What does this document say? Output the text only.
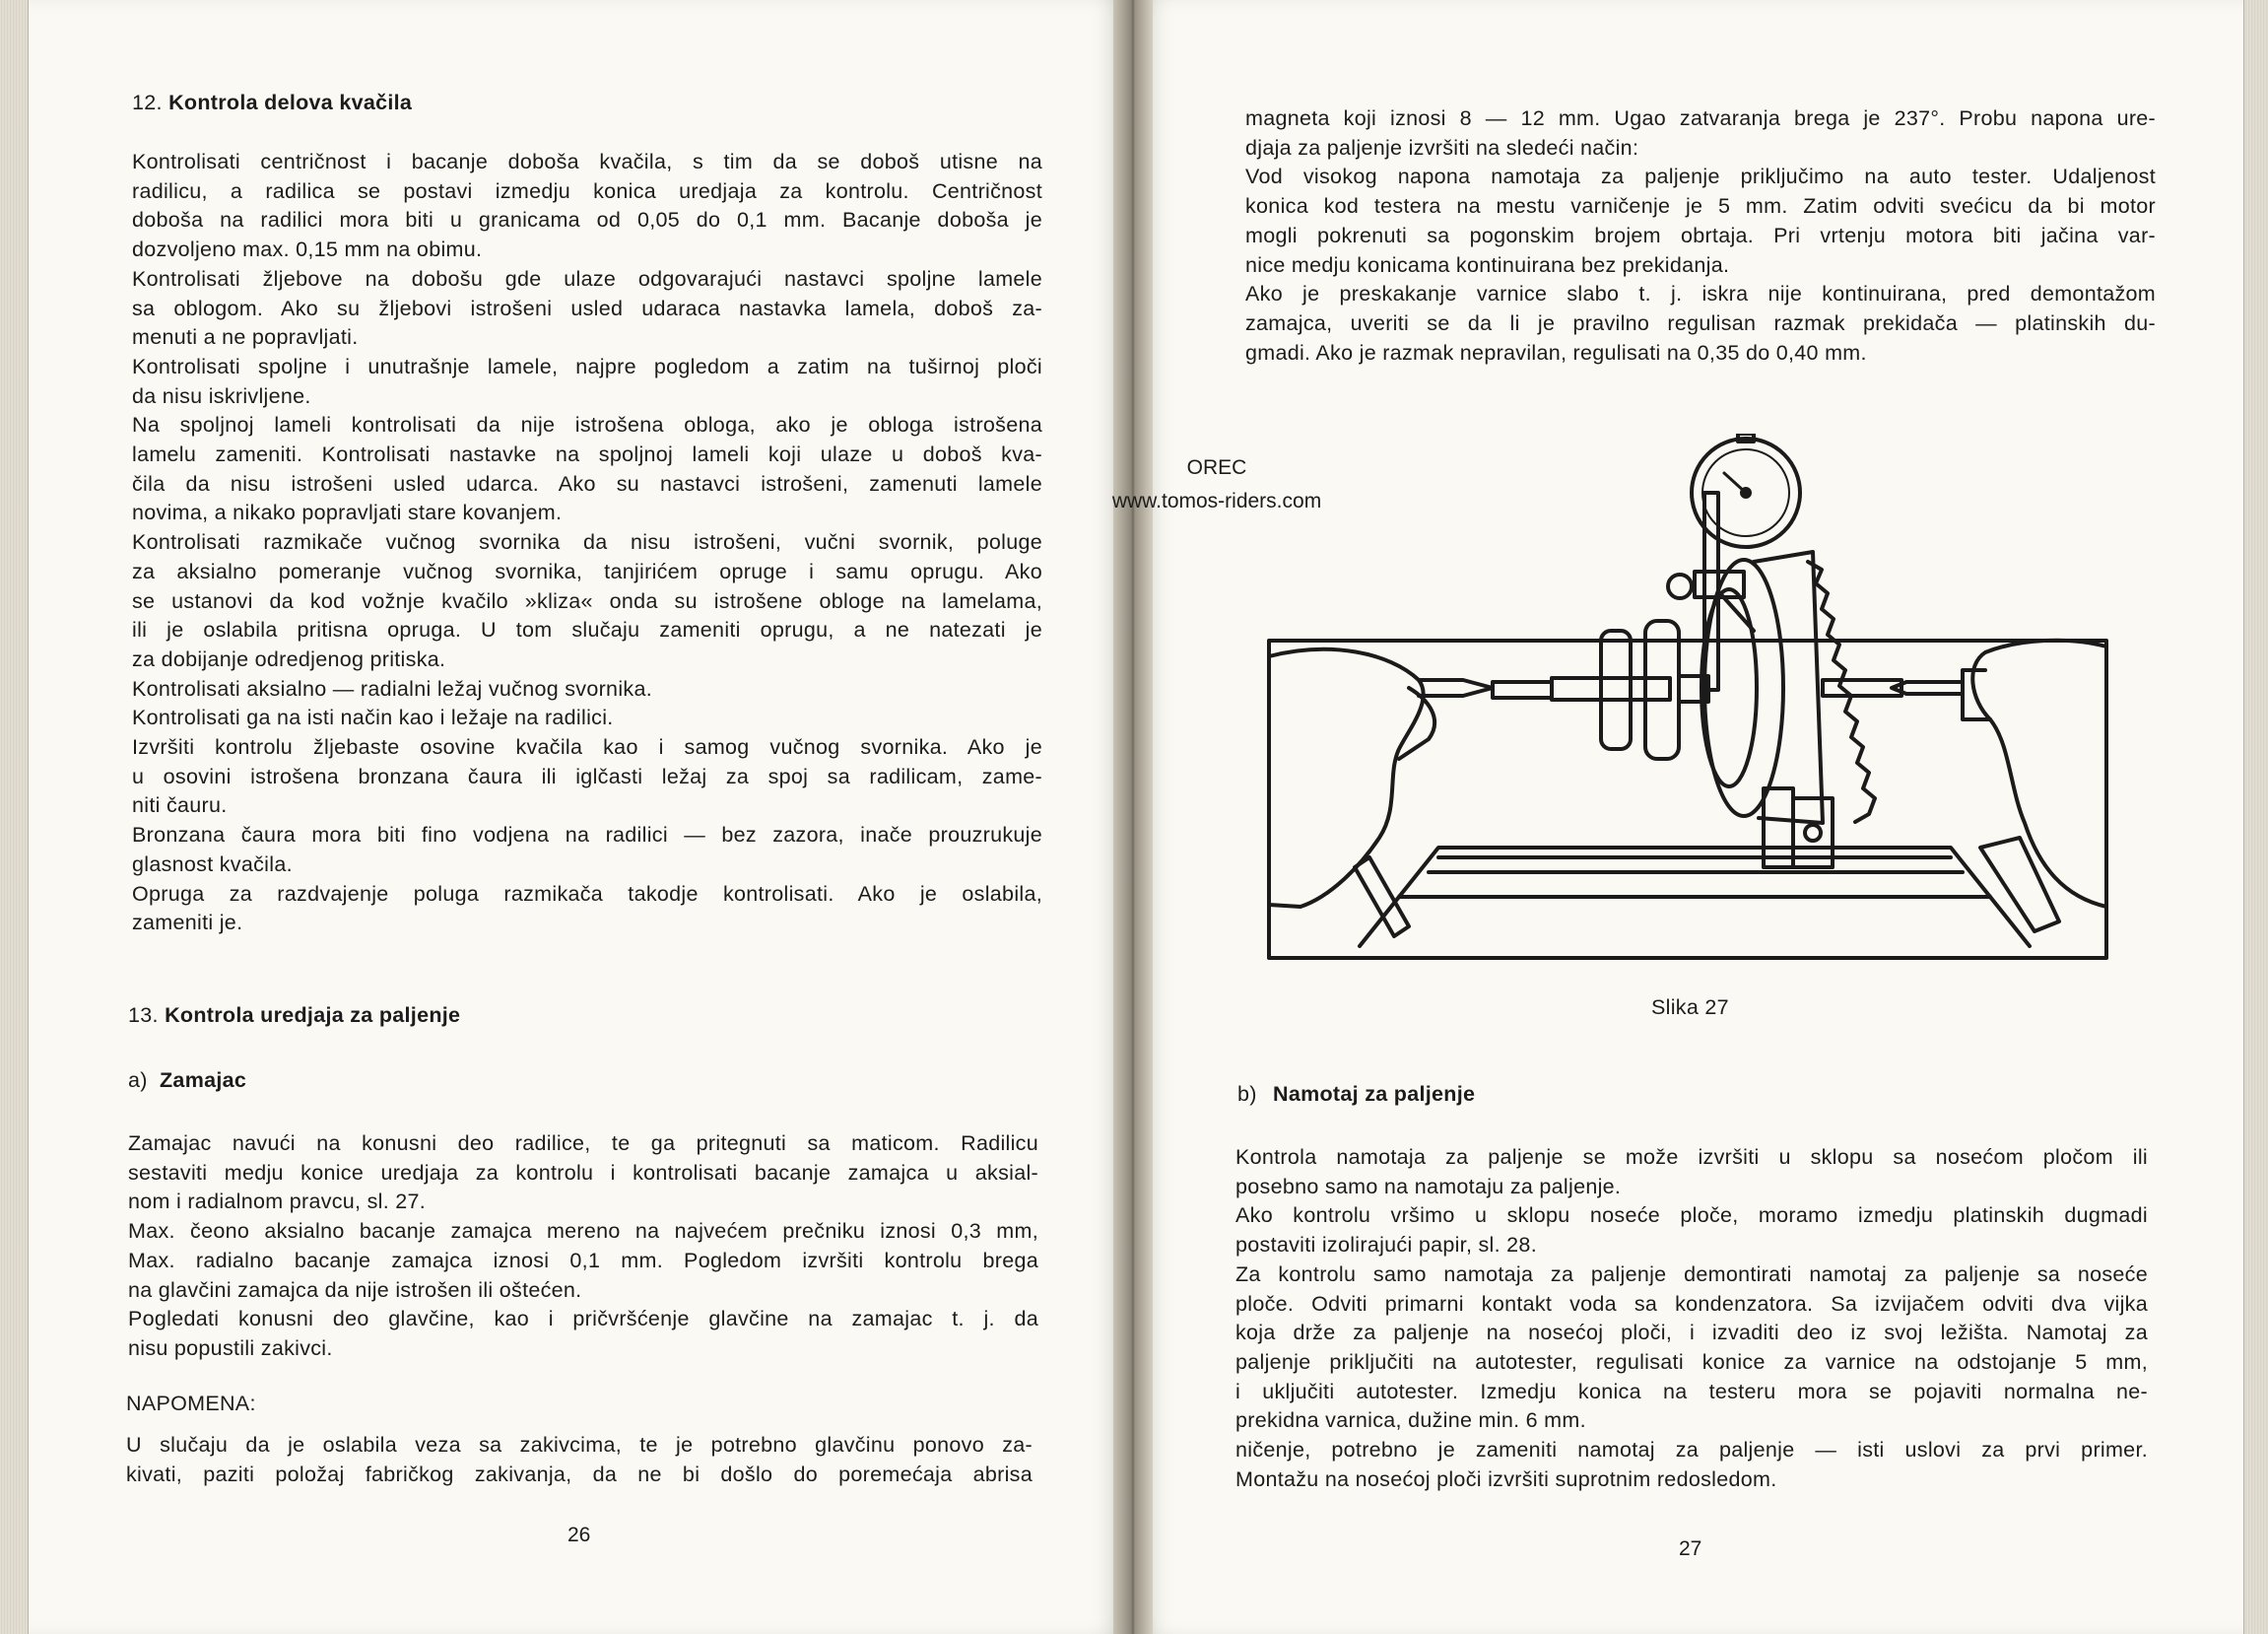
12. Kontrola delova kvačila
Kontrolisati centričnost i bacanje doboša kvačila, s tim da se doboš utisne na
radilicu, a radilica se postavi izmedju konica uredjaja za kontrolu. Centričnost
doboša na radilici mora biti u granicama od 0,05 do 0,1 mm. Bacanje doboša je
dozvoljeno max. 0,15 mm na obimu.
Kontrolisati žljebove na dobošu gde ulaze odgovarajući nastavci spoljne lamele
sa oblogom. Ako su žljebovi istrošeni usled udaraca nastavka lamela, doboš za-
menuti a ne popravljati.
Kontrolisati spoljne i unutrašnje lamele, najpre pogledom a zatim na tuširnoj ploči
da nisu iskrivljene.
Na spoljnoj lameli kontrolisati da nije istrošena obloga, ako je obloga istrošena
lamelu zameniti. Kontrolisati nastavke na spoljnoj lameli koji ulaze u doboš kva-
čila da nisu istrošeni usled udarca. Ako su nastavci istrošeni, zamenuti lamele
novima, a nikako popravljati stare kovanjem.
Kontrolisati razmikače vučnog svornika da nisu istrošeni, vučni svornik, poluge
za aksialno pomeranje vučnog svornika, tanjirićem opruge i samu oprugu. Ako
se ustanovi da kod vožnje kvačilo »kliza« onda su istrošene obloge na lamelama,
ili je oslabila pritisna opruga. U tom slučaju zameniti oprugu, a ne natezati je
za dobijanje odredjenog pritiska.
Kontrolisati aksialno — radialni ležaj vučnog svornika.
Kontrolisati ga na isti način kao i ležaje na radilici.
Izvršiti kontrolu žljebaste osovine kvačila kao i samog vučnog svornika. Ako je
u osovini istrošena bronzana čaura ili iglčasti ležaj za spoj sa radilicam, zame-
niti čauru.
Bronzana čaura mora biti fino vodjena na radilici — bez zazora, inače prouzrukuje
glasnost kvačila.
Opruga za razdvajenje poluga razmikača takodje kontrolisati. Ako je oslabila,
zameniti je.
13. Kontrola uredjaja za paljenje
a) Zamajac
Zamajac navući na konusni deo radilice, te ga pritegnuti sa maticom. Radilicu
sestaviti medju konice uredjaja za kontrolu i kontrolisati bacanje zamajca u aksial-
nom i radialnom pravcu, sl. 27.
Max. čeono aksialno bacanje zamajca mereno na najvećem prečniku iznosi 0,3 mm,
Max. radialno bacanje zamajca iznosi 0,1 mm. Pogledom izvršiti kontrolu brega
na glavčini zamajca da nije istrošen ili oštećen.
Pogledati konusni deo glavčine, kao i pričvršćenje glavčine na zamajac t. j. da
nisu popustili zakivci.
NAPOMENA:
U slučaju da je oslabila veza sa zakivcima, te je potrebno glavčinu ponovo za-
kivati, paziti položaj fabričkog zakivanja, da ne bi došlo do poremećaja abrisa
26
magneta koji iznosi 8 — 12 mm. Ugao zatvaranja brega je 237°. Probu napona ure-
djaja za paljenje izvršiti na sledeći način:
Vod visokog napona namotaja za paljenje priključimo na auto tester. Udaljenost
konica kod testera na mestu varničenje je 5 mm. Zatim odviti svećicu da bi motor
mogli pokrenuti sa pogonskim brojem obrtaja. Pri vrtenju motora biti jačina var-
nice medju konicama kontinuirana bez prekidanja.
Ako je preskakanje varnice slabo t. j. iskra nije kontinuirana, pred demontažom
zamajca, uveriti se da li je pravilno regulisan razmak prekidača — platinskih du-
gmadi. Ako je razmak nepravilan, regulisati na 0,35 do 0,40 mm.
OREC
www.tomos-riders.com
Slika 27
b) Namotaj za paljenje
Kontrola namotaja za paljenje se može izvršiti u sklopu sa nosećom pločom ili
posebno samo na namotaju za paljenje.
Ako kontrolu vršimo u sklopu noseće ploče, moramo izmedju platinskih dugmadi
postaviti izolirajući papir, sl. 28.
Za kontrolu samo namotaja za paljenje demontirati namotaj za paljenje sa noseće
ploče. Odviti primarni kontakt voda sa kondenzatora. Sa izvijačem odviti dva vijka
koja drže za paljenje na nosećoj ploči, i izvaditi deo iz svoj ležišta. Namotaj za
paljenje priključiti na autotester, regulisati konice za varnice na odstojanje 5 mm,
i uključiti autotester. Izmedju konica na testeru mora se pojaviti normalna ne-
prekidna varnica, dužine min. 6 mm.
ničenje, potrebno je zameniti namotaj za paljenje — isti uslovi za prvi primer.
Montažu na nosećoj ploči izvršiti suprotnim redosledom.
27
